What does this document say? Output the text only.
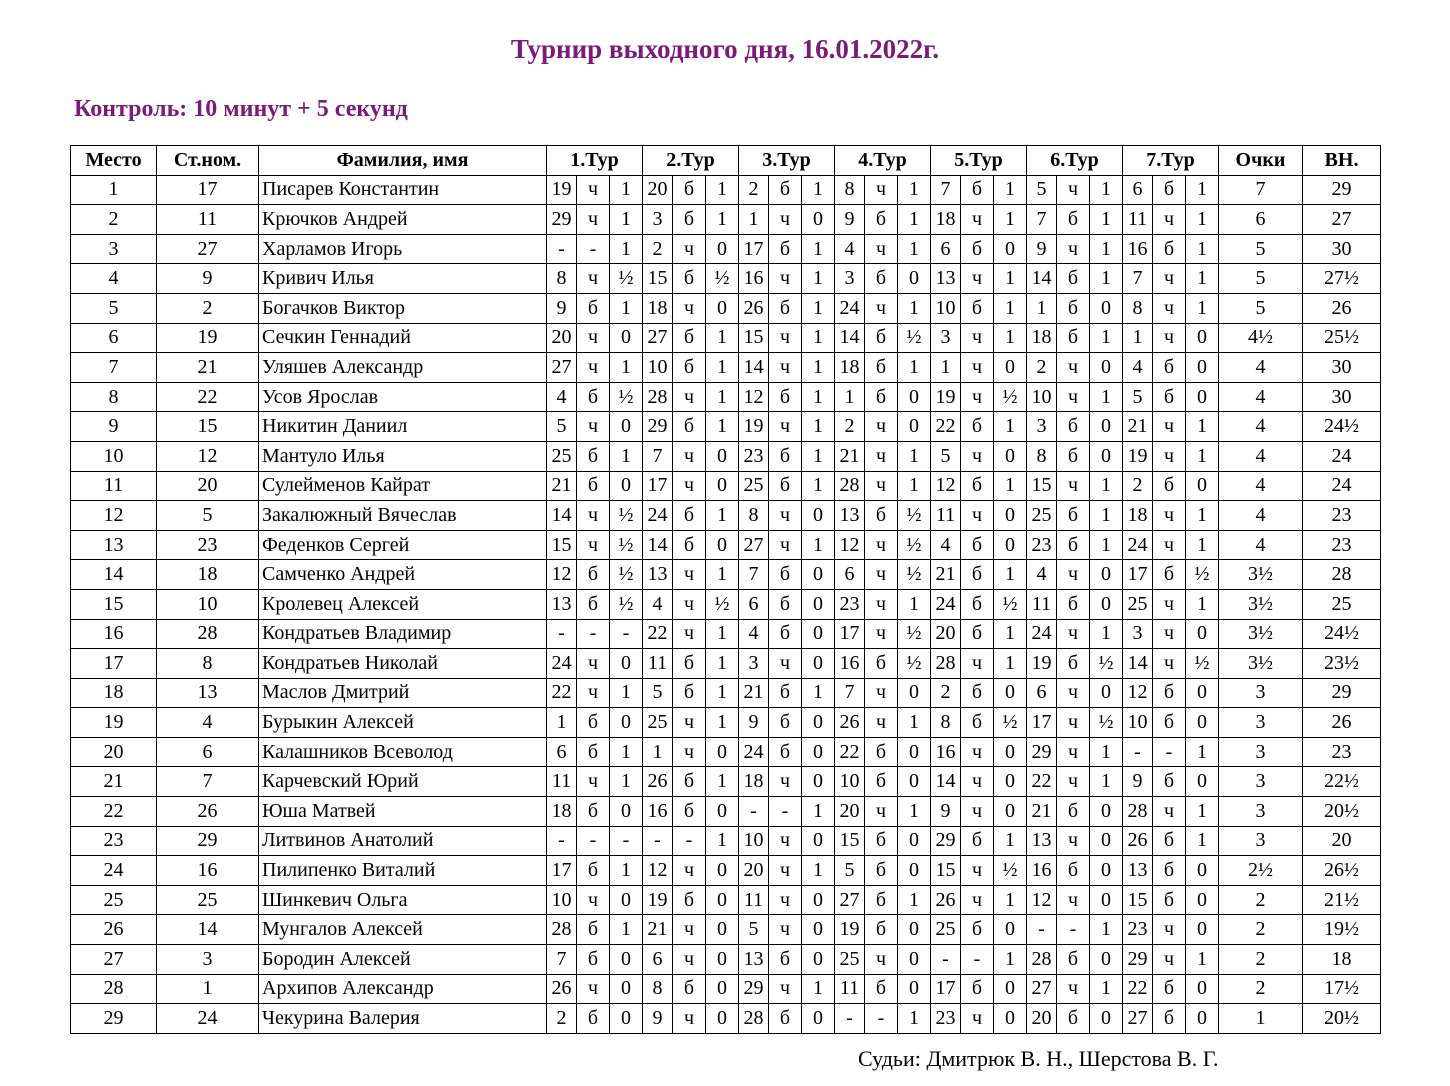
Турнир выходного дня, 16.01.2022г.
Контроль: 10 минут + 5 секунд
Место	Ст.ном.	Фамилия, имя	1.Тур			2.Тур			3.Тур			4.Тур			5.Тур			6.Тур			7.Тур			Очки	ВН.
1	17	Писарев Константин	19	ч	1	20	б	1	2	б	1	8	ч	1	7	б	1	5	ч	1	6	б	1	7	29
2	11	Крючков Андрей	29	ч	1	3	б	1	1	ч	0	9	б	1	18	ч	1	7	б	1	11	ч	1	6	27
3	27	Харламов Игорь	-	-	1	2	ч	0	17	б	1	4	ч	1	6	б	0	9	ч	1	16	б	1	5	30
4	9	Кривич Илья	8	ч	½	15	б	½	16	ч	1	3	б	0	13	ч	1	14	б	1	7	ч	1	5	27½
5	2	Богачков Виктор	9	б	1	18	ч	0	26	б	1	24	ч	1	10	б	1	1	б	0	8	ч	1	5	26
6	19	Сечкин Геннадий	20	ч	0	27	б	1	15	ч	1	14	б	½	3	ч	1	18	б	1	1	ч	0	4½	25½
7	21	Уляшев Александр	27	ч	1	10	б	1	14	ч	1	18	б	1	1	ч	0	2	ч	0	4	б	0	4	30
8	22	Усов Ярослав	4	б	½	28	ч	1	12	б	1	1	б	0	19	ч	½	10	ч	1	5	б	0	4	30
9	15	Никитин Даниил	5	ч	0	29	б	1	19	ч	1	2	ч	0	22	б	1	3	б	0	21	ч	1	4	24½
10	12	Мантуло Илья	25	б	1	7	ч	0	23	б	1	21	ч	1	5	ч	0	8	б	0	19	ч	1	4	24
11	20	Сулейменов Кайрат	21	б	0	17	ч	0	25	б	1	28	ч	1	12	б	1	15	ч	1	2	б	0	4	24
12	5	Закалюжный Вячеслав	14	ч	½	24	б	1	8	ч	0	13	б	½	11	ч	0	25	б	1	18	ч	1	4	23
13	23	Феденков Сергей	15	ч	½	14	б	0	27	ч	1	12	ч	½	4	б	0	23	б	1	24	ч	1	4	23
14	18	Самченко Андрей	12	б	½	13	ч	1	7	б	0	6	ч	½	21	б	1	4	ч	0	17	б	½	3½	28
15	10	Кролевец Алексей	13	б	½	4	ч	½	6	б	0	23	ч	1	24	б	½	11	б	0	25	ч	1	3½	25
16	28	Кондратьев Владимир	-	-	-	22	ч	1	4	б	0	17	ч	½	20	б	1	24	ч	1	3	ч	0	3½	24½
17	8	Кондратьев Николай	24	ч	0	11	б	1	3	ч	0	16	б	½	28	ч	1	19	б	½	14	ч	½	3½	23½
18	13	Маслов Дмитрий	22	ч	1	5	б	1	21	б	1	7	ч	0	2	б	0	6	ч	0	12	б	0	3	29
19	4	Бурыкин Алексей	1	б	0	25	ч	1	9	б	0	26	ч	1	8	б	½	17	ч	½	10	б	0	3	26
20	6	Калашников Всеволод	6	б	1	1	ч	0	24	б	0	22	б	0	16	ч	0	29	ч	1	-	-	1	3	23
21	7	Карчевский Юрий	11	ч	1	26	б	1	18	ч	0	10	б	0	14	ч	0	22	ч	1	9	б	0	3	22½
22	26	Юша Матвей	18	б	0	16	б	0	-	-	1	20	ч	1	9	ч	0	21	б	0	28	ч	1	3	20½
23	29	Литвинов Анатолий	-	-	-	-	-	1	10	ч	0	15	б	0	29	б	1	13	ч	0	26	б	1	3	20
24	16	Пилипенко Виталий	17	б	1	12	ч	0	20	ч	1	5	б	0	15	ч	½	16	б	0	13	б	0	2½	26½
25	25	Шинкевич Ольга	10	ч	0	19	б	0	11	ч	0	27	б	1	26	ч	1	12	ч	0	15	б	0	2	21½
26	14	Мунгалов Алексей	28	б	1	21	ч	0	5	ч	0	19	б	0	25	б	0	-	-	1	23	ч	0	2	19½
27	3	Бородин Алексей	7	б	0	6	ч	0	13	б	0	25	ч	0	-	-	1	28	б	0	29	ч	1	2	18
28	1	Архипов Александр	26	ч	0	8	б	0	29	ч	1	11	б	0	17	б	0	27	ч	1	22	б	0	2	17½
29	24	Чекурина Валерия	2	б	0	9	ч	0	28	б	0	-	-	1	23	ч	0	20	б	0	27	б	0	1	20½
Судьи: Дмитрюк В. Н., Шерстова В. Г.
